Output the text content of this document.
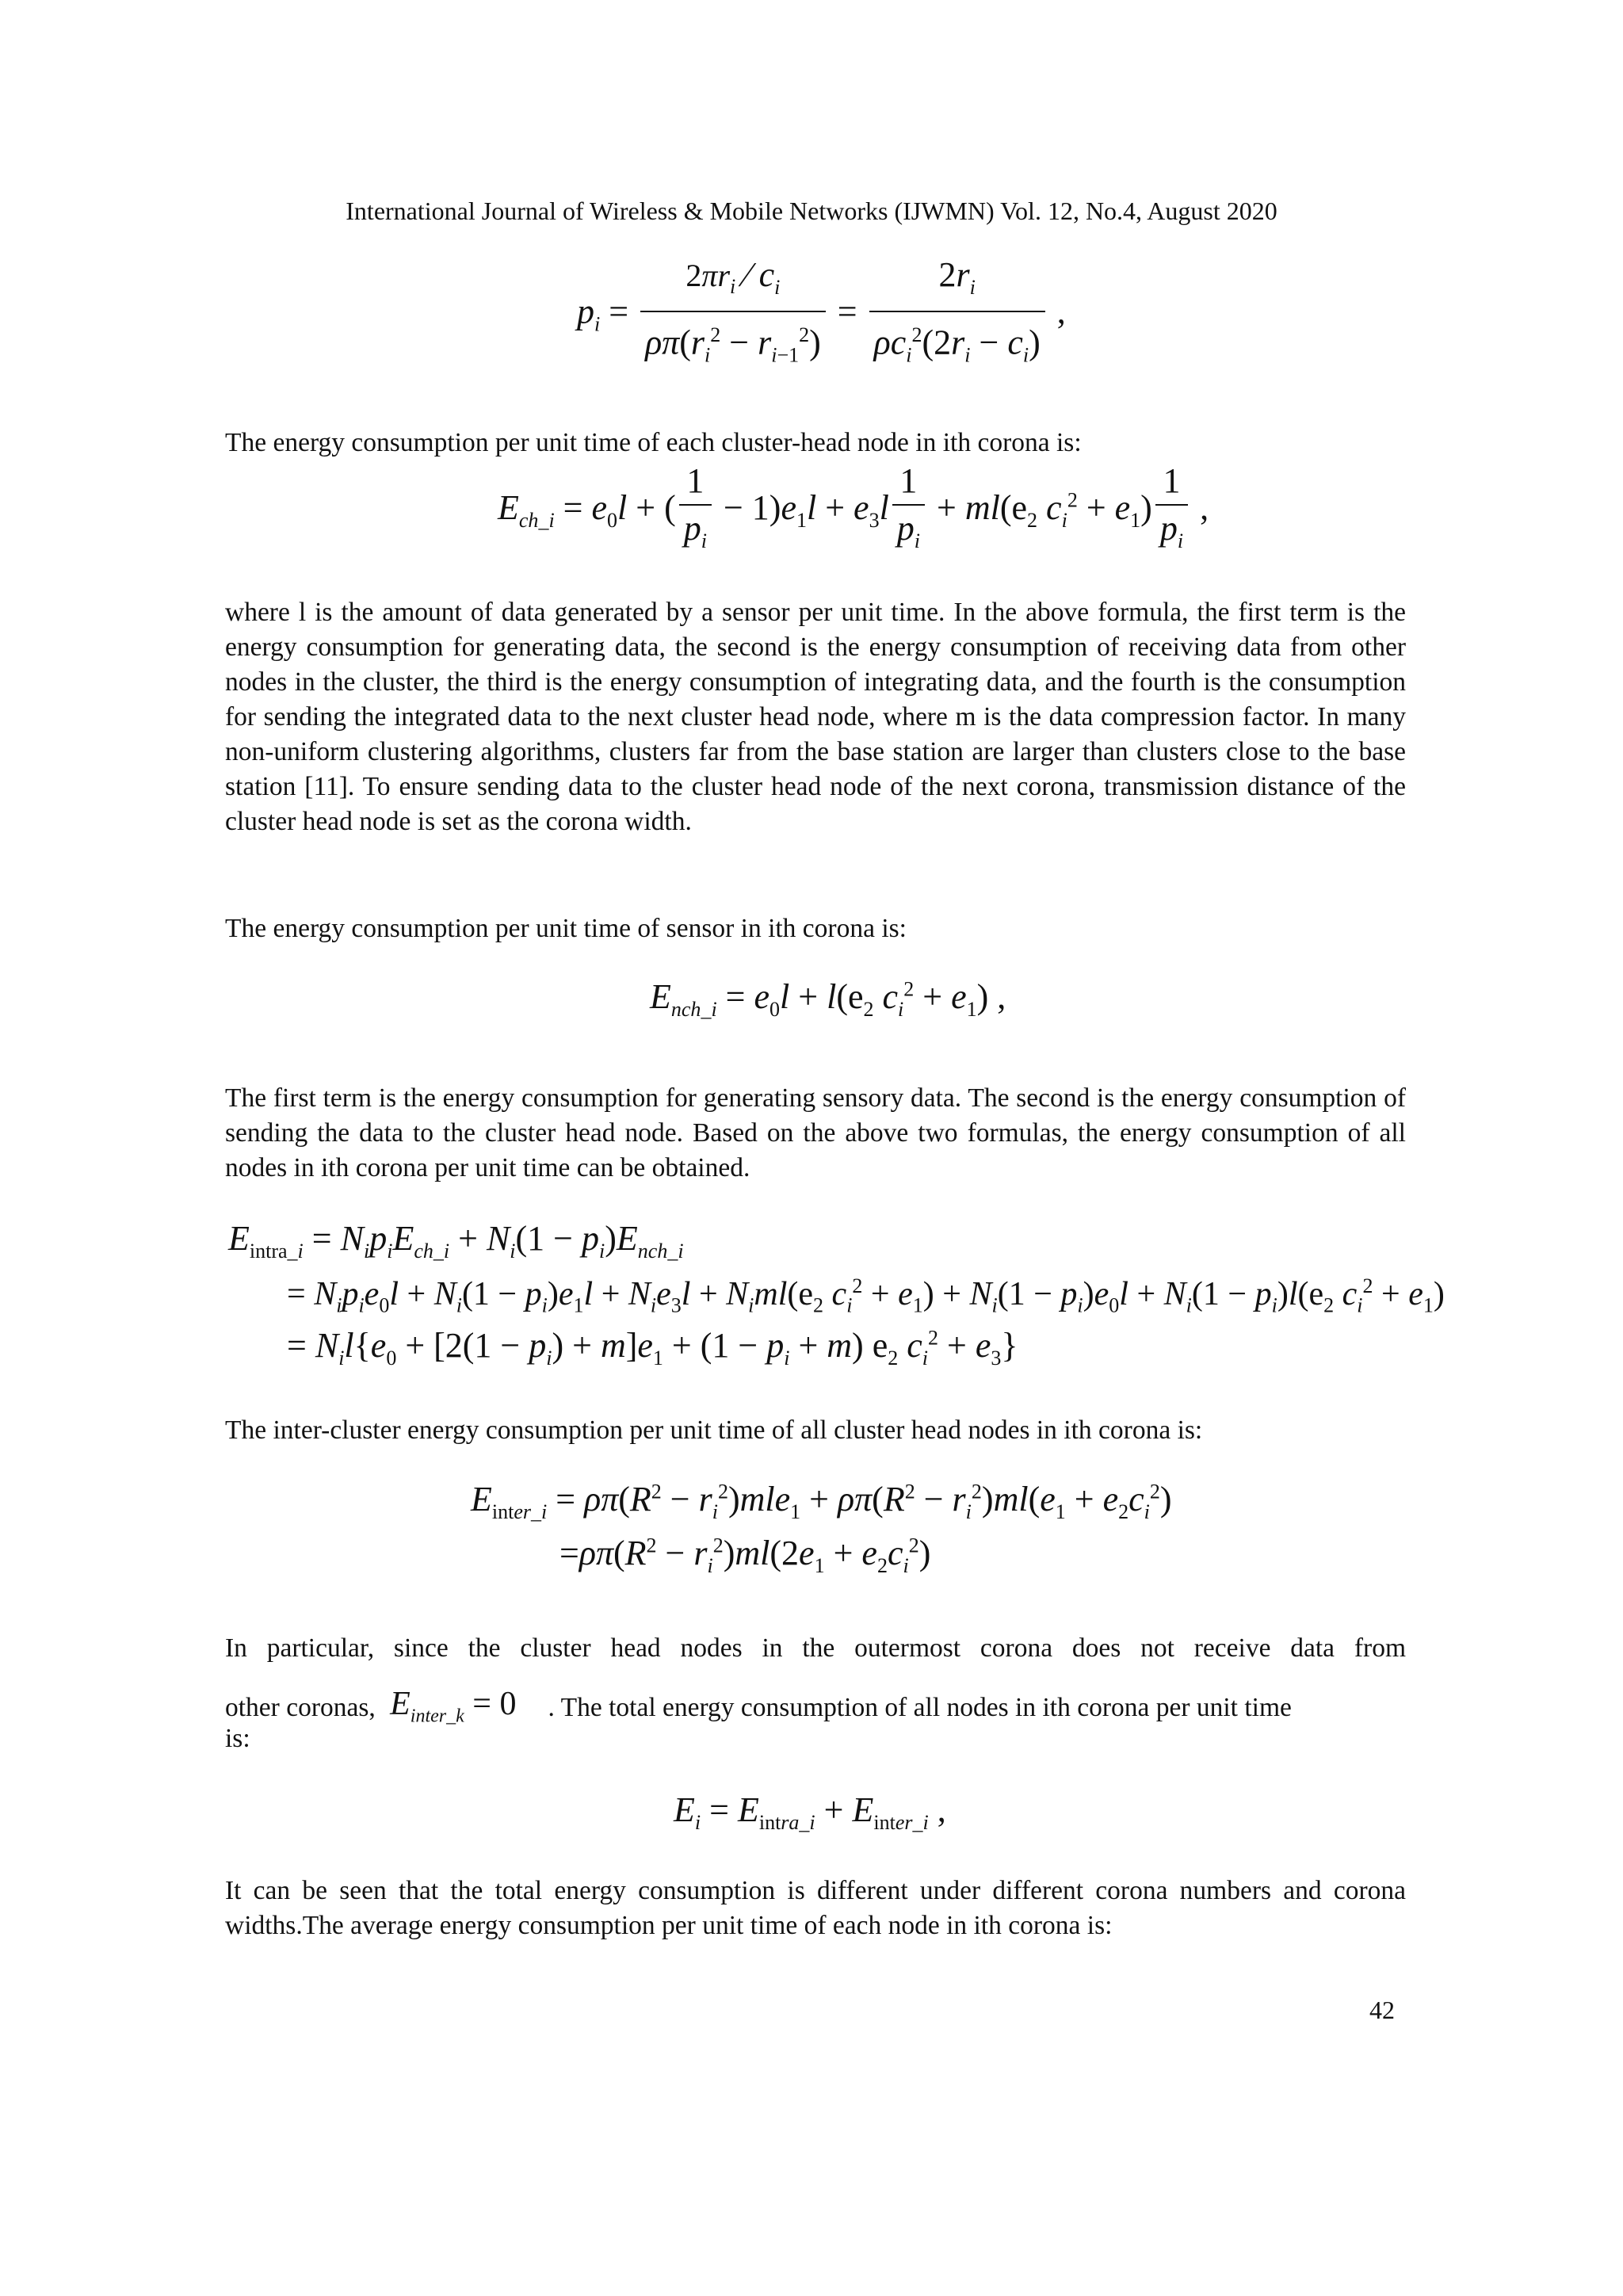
International Journal of Wireless & Mobile Networks (IJWMN) Vol. 12, No.4, August 2020
$p_i = \frac{2\pi r_i ⁄ c_i}{\rho\pi(r_i^2 - r_{i-1}^2)} = \frac{2r_i}{\rho c_i^2(2r_i - c_i)}$ ,
The energy consumption per unit time of each cluster-head node in ith corona is:
$E_{ch\_i} = e_0l$ + ( $\frac{1}{p_i} - 1)e_1l + e_3l \frac{1}{p_i} + ml(e_2$ $c_i^2 + e_1) \frac{1}{p_i}$ ,

where l is the amount of data generated by a sensor per unit time. In the above formula, the first term is the energy consumption for generating data, the second is the energy consumption of receiving data from other nodes in the cluster, the third is the energy consumption of integrating data, and the fourth is the consumption for sending the integrated data to the next cluster head node, where m is the data compression factor. In many non-uniform clustering algorithms, clusters far from the base station are larger than clusters close to the base station [11]. To ensure sending data to the cluster head node of the next corona, transmission distance of the cluster head node is set as the corona width.

The energy consumption per unit time of sensor in ith corona is:
$E_{nch\_i} = e_0l + l(e_2$ $c_i^2 + e_1$) ,

The first term is the energy consumption for generating sensory data. The second is the energy consumption of sending the data to the cluster head node. Based on the above two formulas, the energy consumption of all nodes in ith corona per unit time can be obtained.

$E_{intra\_i} = N_ip_iE_{ch\_i} + N_i(1 - p_i)E_{nch\_i}$
= $N_ip_ie_0l + N_i(1 - p_i)e_1l + N_ie_3l + N_iml(e_2$ $c_i^2 + e_1) + N_i(1 - p_i)e_0l + N_i(1 - p_i)l(e_2$ $c_i^2 + e_1$)
= $N_il\{e_0 + [2(1 - p_i) + m]e_1 + (1 - p_i + m)$ $e_2$ $c_i^2 + e_3$}
The inter-cluster energy consumption per unit time of all cluster head nodes in ith corona is:
$E_{inter\_i} = \rho\pi(R^2 - r_i^2)mle_1 + \rho\pi(R^2 - r_i^2)ml(e_1 + e_2c_i^2)$
$=\rho\pi(R^2 - r_i^2)ml(2e_1 + e_2c_i^2)$
In particular, since the cluster head nodes in the outermost corona does not receive data from
other coronas, $E_{inter\_k} = 0$ . The total energy consumption of all nodes in ith corona per unit time
is:
$E_i = E_{intra\_i} + E_{inter\_i}$ ,

It can be seen that the total energy consumption is different under different corona numbers and corona widths.The average energy consumption per unit time of each node in ith corona is:

42
